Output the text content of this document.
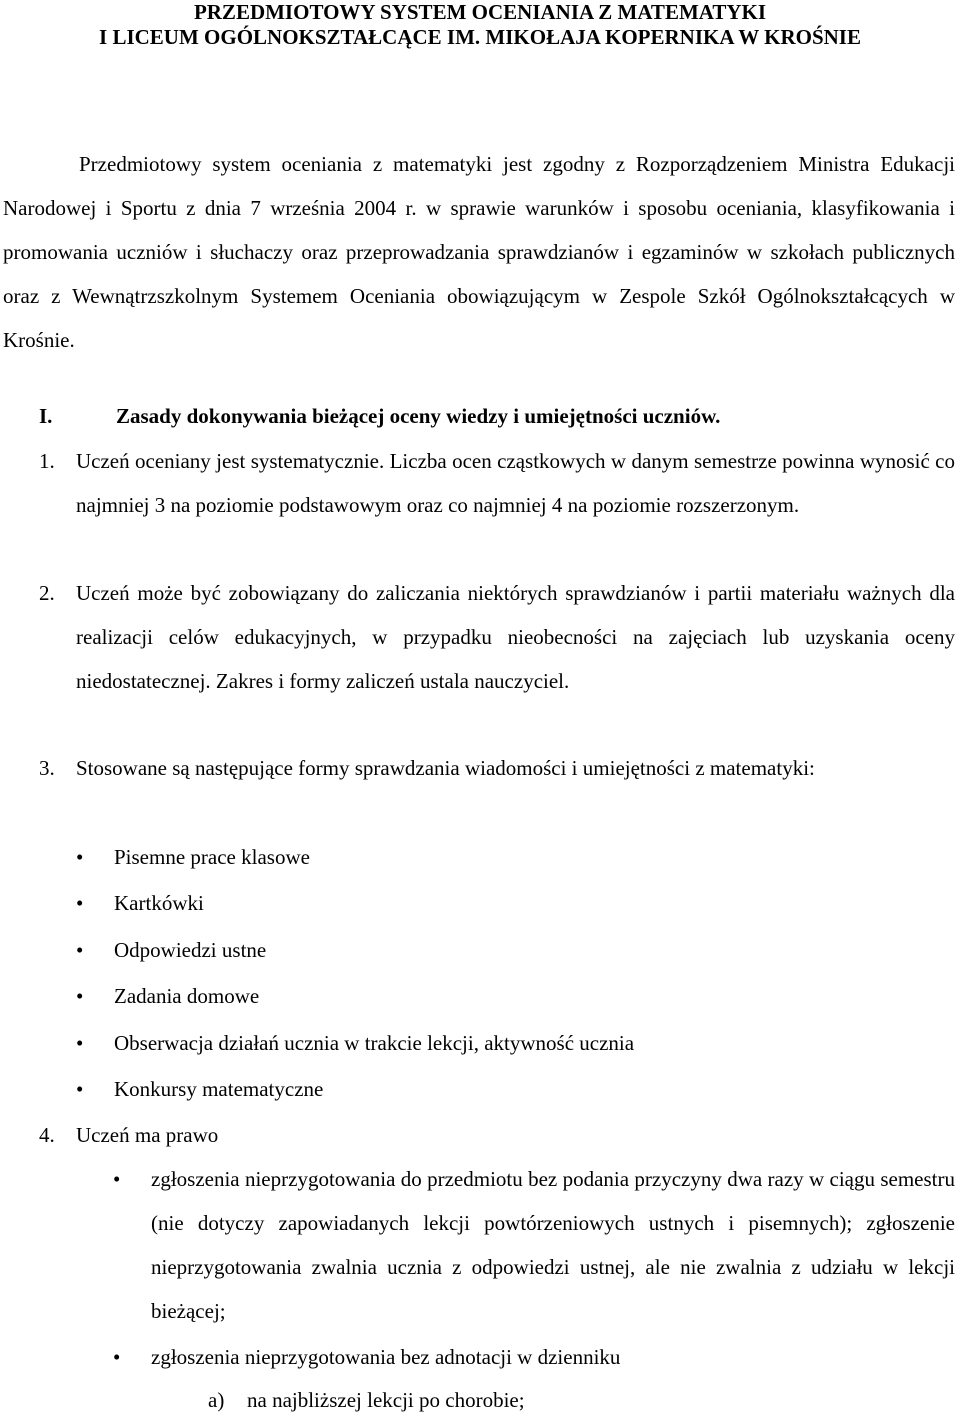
PRZEDMIOTOWY SYSTEM OCENIANIA Z MATEMATYKI
I LICEUM OGÓLNOKSZTAŁCĄCE IM. MIKOŁAJA KOPERNIKA W KROŚNIE
Przedmiotowy system oceniania z matematyki jest zgodny z Rozporządzeniem Ministra Edukacji Narodowej i Sportu z dnia 7 września 2004 r. w sprawie warunków i sposobu oceniania, klasyfikowania i promowania uczniów i słuchaczy oraz przeprowadzania sprawdzianów i egzaminów w szkołach publicznych oraz z Wewnątrzszkolnym Systemem Oceniania obowiązującym w Zespole Szkół Ogólnokształcących w Krośnie.
I.	Zasady dokonywania bieżącej oceny wiedzy i umiejętności uczniów.
1. Uczeń oceniany jest systematycznie. Liczba ocen cząstkowych w danym semestrze powinna wynosić co najmniej 3 na poziomie podstawowym oraz co najmniej 4 na poziomie rozszerzonym.
2. Uczeń może być zobowiązany do zaliczania niektórych sprawdzianów i partii materiału ważnych dla realizacji celów edukacyjnych, w przypadku nieobecności na zajęciach lub uzyskania oceny niedostatecznej. Zakres i formy zaliczeń ustala nauczyciel.
3. Stosowane są następujące formy sprawdzania wiadomości i umiejętności z matematyki:
• Pisemne prace klasowe
• Kartkówki
• Odpowiedzi ustne
• Zadania domowe
• Obserwacja działań ucznia w trakcie lekcji, aktywność ucznia
• Konkursy matematyczne
4. Uczeń ma prawo
• zgłoszenia nieprzygotowania do przedmiotu bez podania przyczyny dwa razy w ciągu semestru (nie dotyczy zapowiadanych lekcji powtórzeniowych ustnych i pisemnych); zgłoszenie nieprzygotowania zwalnia ucznia z odpowiedzi ustnej, ale nie zwalnia z udziału w lekcji bieżącej;
• zgłoszenia nieprzygotowania bez adnotacji w dzienniku
a) na najbliższej lekcji po chorobie;
